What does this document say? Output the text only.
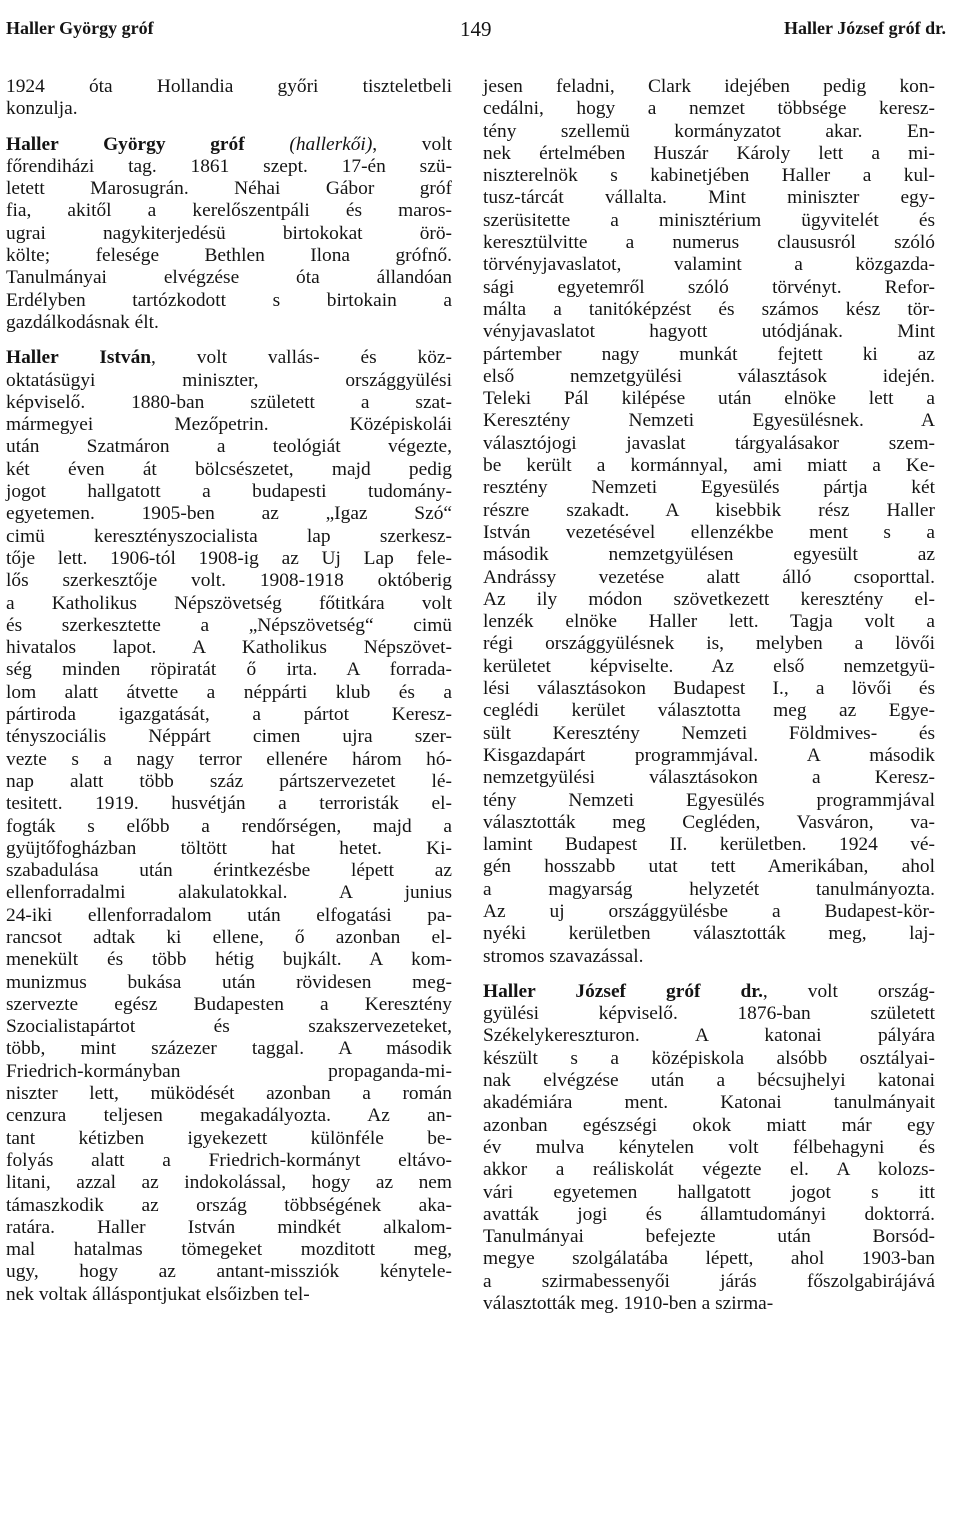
Haller György gróf	149	Haller József gróf dr.
1924 óta Hollandia győri tiszteletbeli
konzulja.
Haller György gróf (hallerkői), volt
főrendiházi tag. 1861 szept. 17-én szü-
letett Marosugrán. Néhai Gábor gróf
fia, akitől a kerelőszentpáli és maros-
ugrai nagykiterjedésü birtokokat örö-
költe; felesége Bethlen Ilona grófnő.
Tanulmányai elvégzése óta állandóan
Erdélyben tartózkodott s birtokain a
gazdálkodásnak élt.
Haller István, volt vallás- és köz-
oktatásügyi miniszter, országgyülési
képviselő. 1880-ban született a szat-
mármegyei Mezőpetrin. Középiskolái
után Szatmáron a teológiát végezte,
két éven át bölcsészetet, majd pedig
jogot hallgatott a budapesti tudomány-
egyetemen. 1905-ben az „Igaz Szó“
cimü keresztényszocialista lap szerkesz-
tője lett. 1906-tól 1908-ig az Uj Lap fele-
lős szerkesztője volt. 1908-1918 októberig
a Katholikus Népszövetség főtitkára volt
és szerkesztette a „Népszövetség“ cimü
hivatalos lapot. A Katholikus Népszövet-
ség minden röpiratát ő irta. A forrada-
lom alatt átvette a néppárti klub és a
pártiroda igazgatását, a pártot Keresz-
tényszociális Néppárt cimen ujra szer-
vezte s a nagy terror ellenére három hó-
nap alatt több száz pártszervezetet lé-
tesitett. 1919. husvétján a terroristák el-
fogták s előbb a rendőrségen, majd a
gyüjtőfogházban töltött hat hetet. Ki-
szabadulása után érintkezésbe lépett az
ellenforradalmi alakulatokkal. A junius
24-iki ellenforradalom után elfogatási pa-
rancsot adtak ki ellene, ő azonban el-
menekült és több hétig bujkált. A kom-
munizmus bukása után rövidesen meg-
szervezte egész Budapesten a Keresztény
Szocialistapártot és szakszervezeteket,
több, mint százezer taggal. A második
Friedrich-kormányban propaganda-mi-
niszter lett, müködését azonban a román
cenzura teljesen megakadályozta. Az an-
tant kétizben igyekezett különféle be-
folyás alatt a Friedrich-kormányt eltávo-
litani, azzal az indokolással, hogy az nem
támaszkodik az ország többségének aka-
ratára. Haller István mindkét alkalom-
mal hatalmas tömegeket mozditott meg,
ugy, hogy az antant-missziók kénytele-
nek voltak álláspontjukat elsőizben tel-
jesen feladni, Clark idejében pedig kon-
cedálni, hogy a nemzet többsége keresz-
tény szellemü kormányzatot akar. En-
nek értelmében Huszár Károly lett a mi-
niszterelnök s kabinetjében Haller a kul-
tusz-tárcát vállalta. Mint miniszter egy-
szerüsitette a minisztérium ügyvitelét és
keresztülvitte a numerus claususról szóló
törvényjavaslatot, valamint a közgazda-
sági egyetemről szóló törvényt. Refor-
málta a tanitóképzést és számos kész tör-
vényjavaslatot hagyott utódjának. Mint
pártember nagy munkát fejtett ki az
első nemzetgyülési választások idején.
Teleki Pál kilépése után elnöke lett a
Keresztény Nemzeti Egyesülésnek. A
választójogi javaslat tárgyalásakor szem-
be került a kormánnyal, ami miatt a Ke-
resztény Nemzeti Egyesülés pártja két
részre szakadt. A kisebbik rész Haller
István vezetésével ellenzékbe ment s a
második nemzetgyülésen egyesült az
Andrássy vezetése alatt álló csoporttal.
Az ily módon szövetkezett keresztény el-
lenzék elnöke Haller lett. Tagja volt a
régi országgyülésnek is, melyben a lövői
kerületet képviselte. Az első nemzetgyü-
lési választásokon Budapest I., a lövői és
ceglédi kerület választotta meg az Egye-
sült Keresztény Nemzeti Földmives- és
Kisgazdapárt programmjával. A második
nemzetgyülési választásokon a Keresz-
tény Nemzeti Egyesülés programmjával
választották meg Cegléden, Vasváron, va-
lamint Budapest II. kerületben. 1924 vé-
gén hosszabb utat tett Amerikában, ahol
a magyarság helyzetét tanulmányozta.
Az uj országgyülésbe a Budapest-kör-
nyéki kerületben választották meg, laj-
stromos szavazással.
Haller József gróf dr., volt ország-
gyülési képviselő. 1876-ban született
Székelykereszturon. A katonai pályára
készült s a középiskola alsóbb osztályai-
nak elvégzése után a bécsujhelyi katonai
akadémiára ment. Katonai tanulmányait
azonban egészségi okok miatt már egy
év mulva kénytelen volt félbehagyni és
akkor a reáliskolát végezte el. A kolozs-
vári egyetemen hallgatott jogot s itt
avatták jogi és államtudományi doktorrá.
Tanulmányai befejezte után Borsód-
megye szolgálatába lépett, ahol 1903-ban
a szirmabessenyői járás főszolgabirájává
választották meg. 1910-ben a szirma-
